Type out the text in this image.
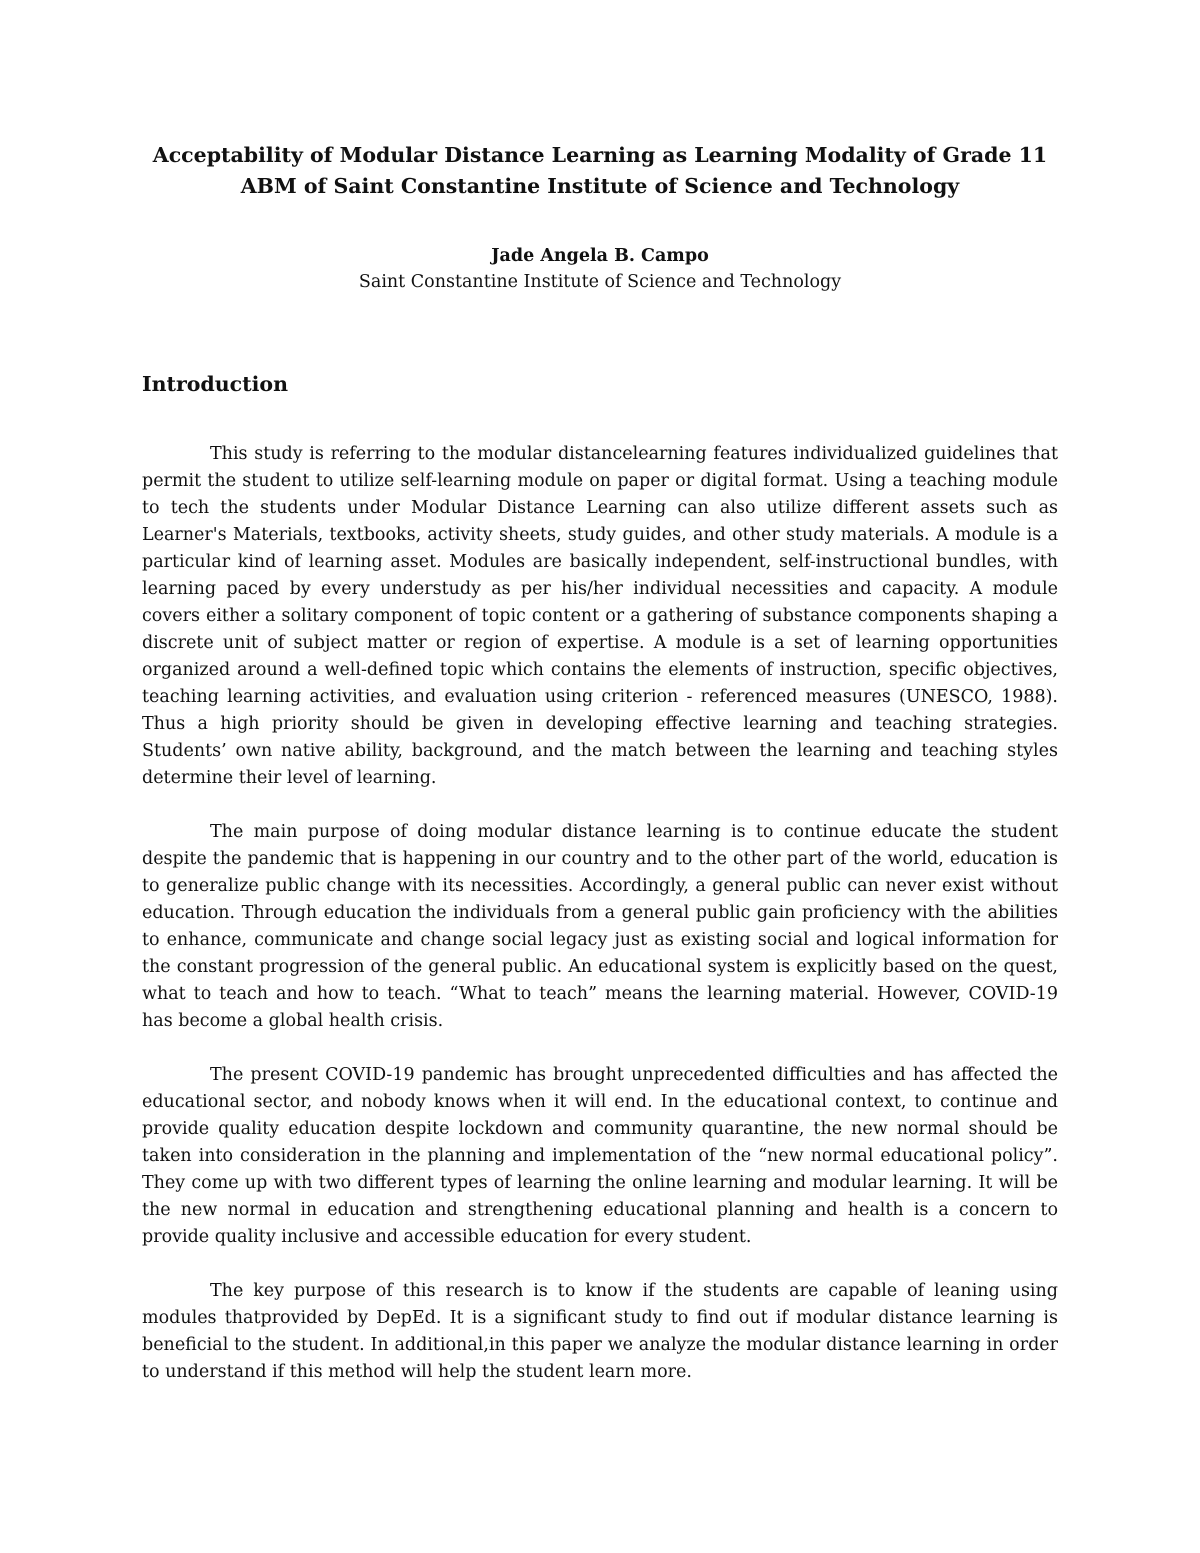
Acceptability of Modular Distance Learning as Learning Modality of Grade 11
ABM of Saint Constantine Institute of Science and Technology

Jade Angela B. Campo

Saint Constantine Institute of Science and Technology

Introduction

This study is referring to the modular distancelearning features individualized guidelines that permit the student to utilize self-learning module on paper or digital format. Using a teaching module to tech the students under Modular Distance Learning can also utilize different assets such as Learner's Materials, textbooks, activity sheets, study guides, and other study materials. A module is a particular kind of learning asset. Modules are basically independent, self-instructional bundles, with learning paced by every understudy as per his/her individual necessities and capacity. A module covers either a solitary component of topic content or a gathering of substance components shaping a discrete unit of subject matter or region of expertise. A module is a set of learning opportunities organized around a well-defined topic which contains the elements of instruction, specific objectives, teaching learning activities, and evaluation using criterion - referenced measures (UNESCO, 1988). Thus a high priority should be given in developing effective learning and teaching strategies. Students’ own native ability, background, and the match between the learning and teaching styles determine their level of learning.

The main purpose of doing modular distance learning is to continue educate the student despite the pandemic that is happening in our country and to the other part of the world, education is to generalize public change with its necessities. Accordingly, a general public can never exist without education. Through education the individuals from a general public gain proficiency with the abilities to enhance, communicate and change social legacy just as existing social and logical information for the constant progression of the general public. An educational system is explicitly based on the quest, what to teach and how to teach. “What to teach” means the learning material. However, COVID-19 has become a global health crisis.

The present COVID-19 pandemic has brought unprecedented difficulties and has affected the educational sector, and nobody knows when it will end. In the educational context, to continue and provide quality education despite lockdown and community quarantine, the new normal should be taken into consideration in the planning and implementation of the “new normal educational policy”. They come up with two different types of learning the online learning and modular learning. It will be the new normal in education and strengthening educational planning and health is a concern to provide quality inclusive and accessible education for every student.

The key purpose of this research is to know if the students are capable of leaning using modules thatprovided by DepEd. It is a significant study to find out if modular distance learning is beneficial to the student. In additional,in this paper we analyze the modular distance learning in order to understand if this method will help the student learn more.
